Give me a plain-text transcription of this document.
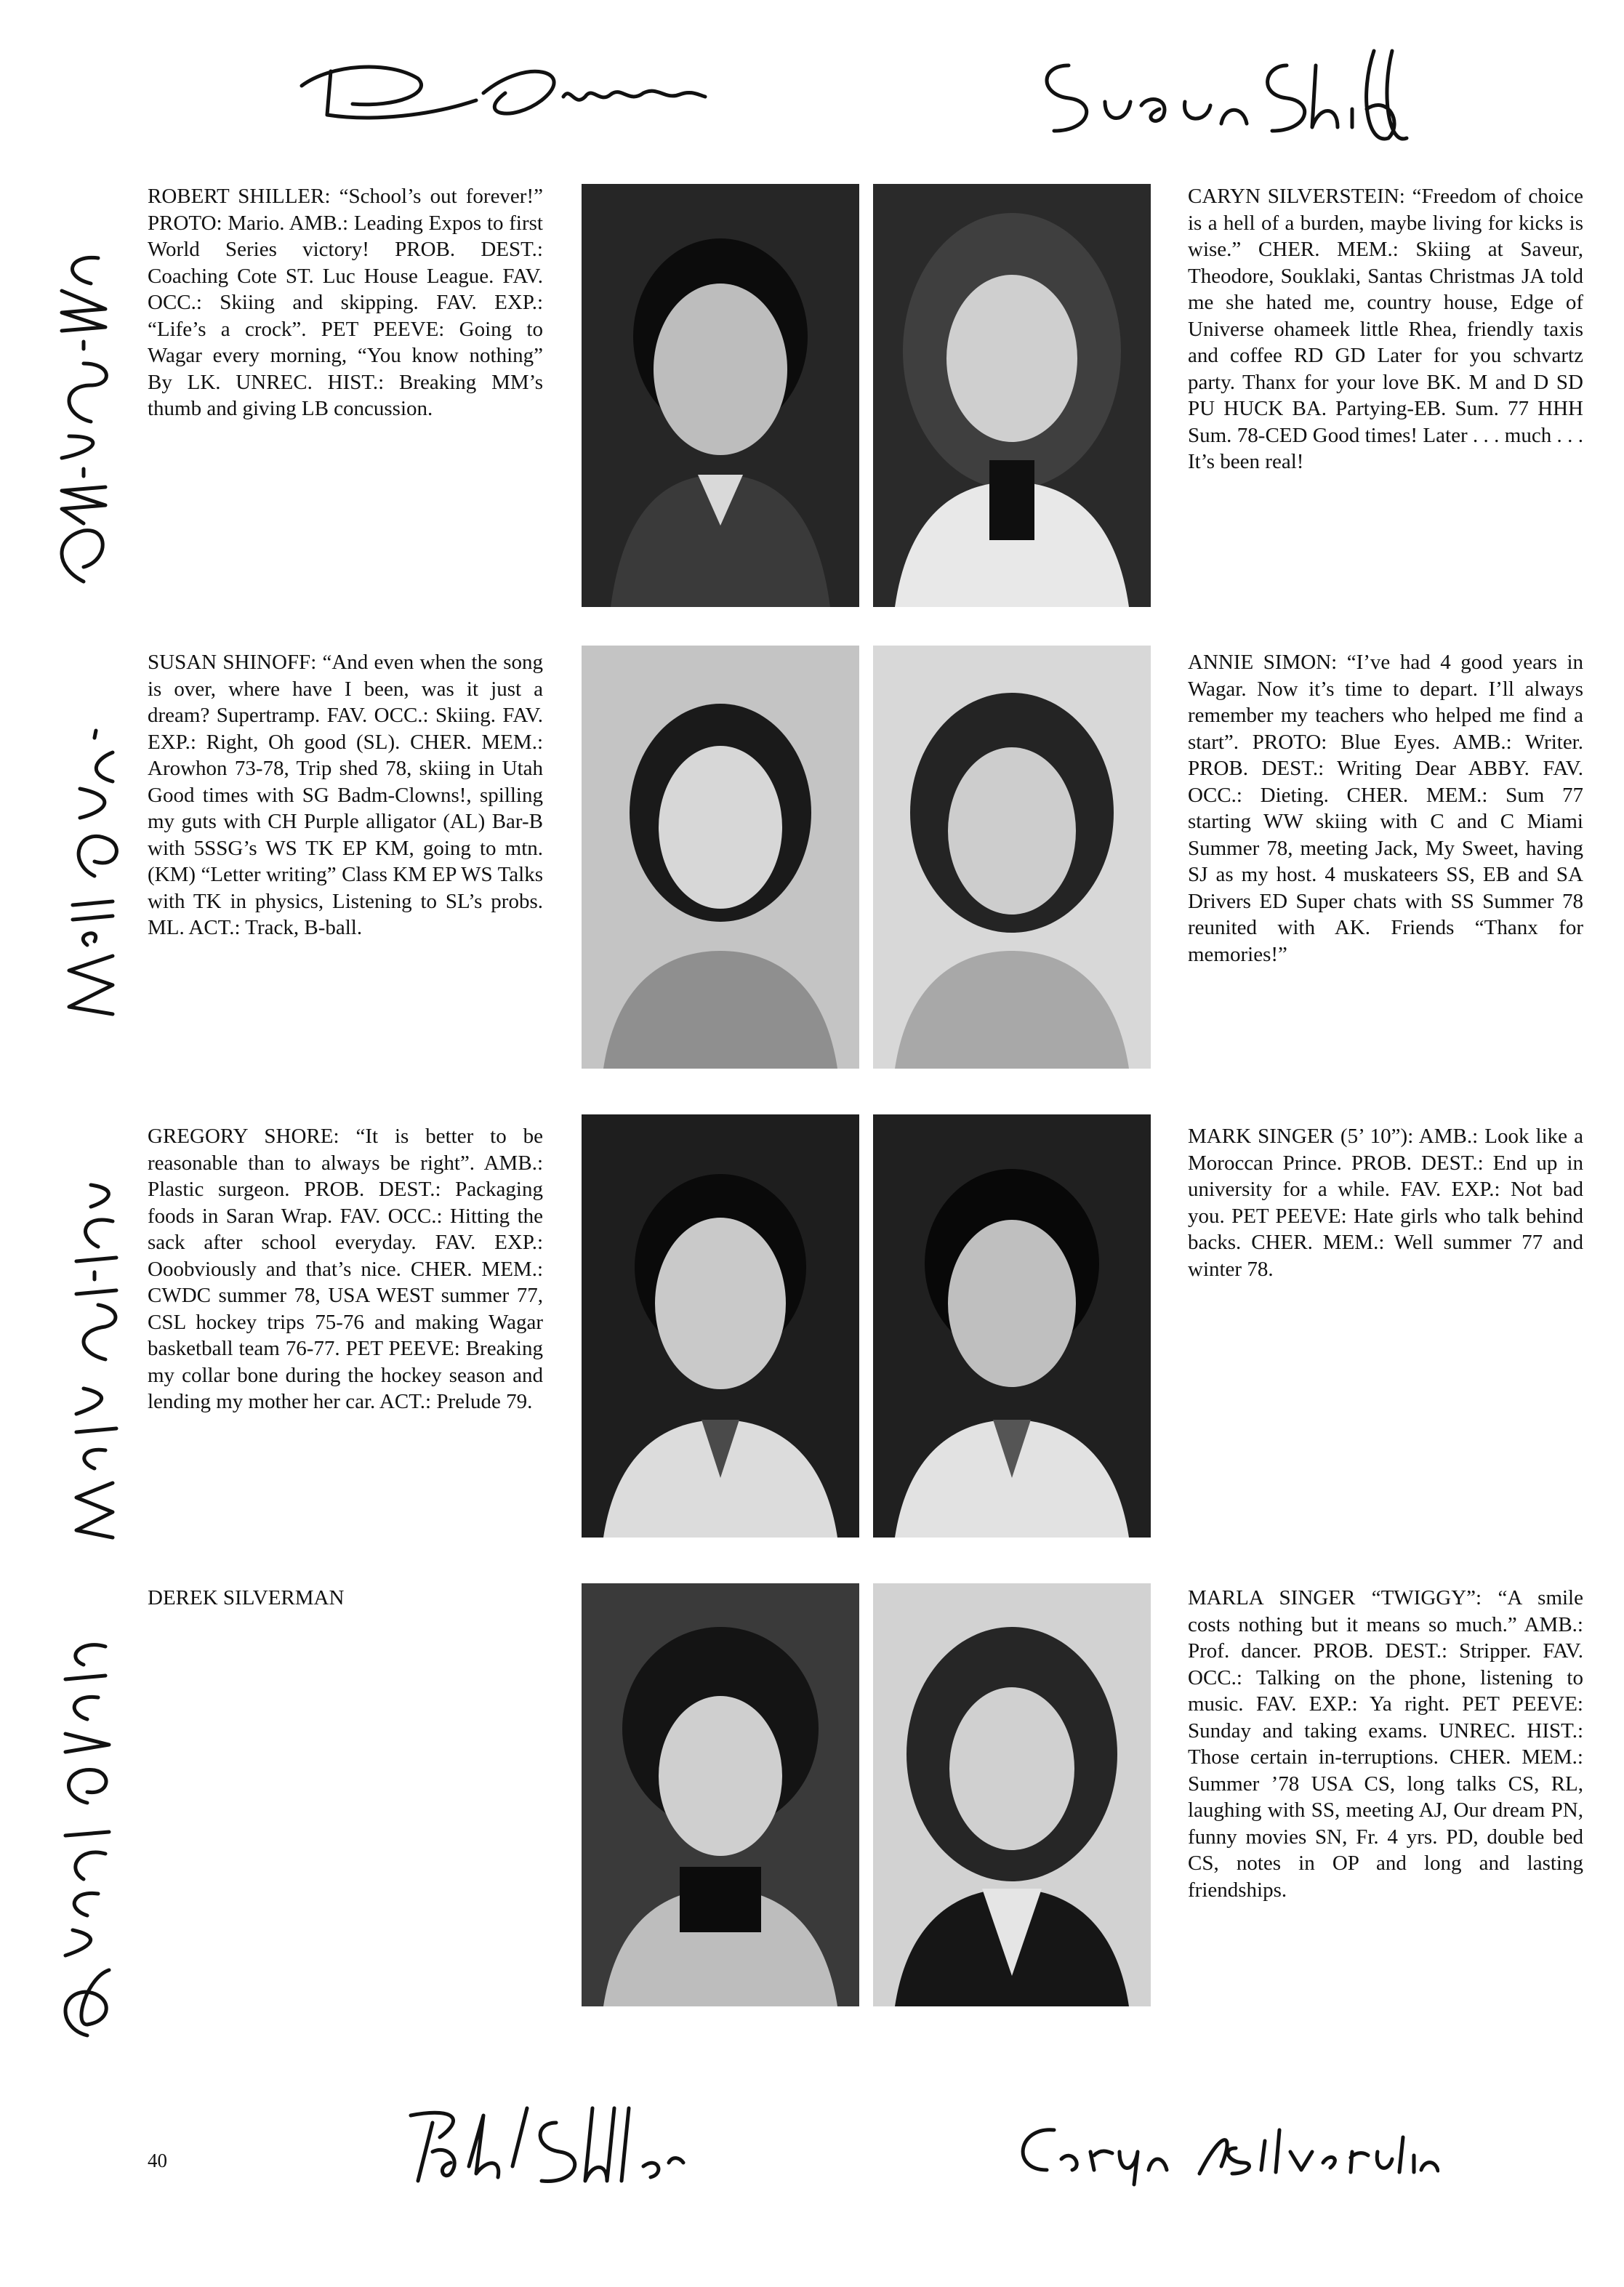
ROBERT SHILLER: “School’s out forever!” PROTO: Mario. AMB.: Leading Expos to first World Series victory! PROB. DEST.: Coaching Cote ST. Luc House League. FAV. OCC.: Skiing and skipping. FAV. EXP.: “Life’s a crock”. PET PEEVE: Going to Wagar every morning, “You know nothing” By LK. UNREC. HIST.: Breaking MM’s thumb and giving LB concussion.

CARYN SILVERSTEIN: “Freedom of choice is a hell of a burden, maybe living for kicks is wise.” CHER. MEM.: Skiing at Saveur, Theodore, Souklaki, Santas Christmas JA told me she hated me, country house, Edge of Universe ohameek little Rhea, friendly taxis and coffee RD GD Later for you schvartz party. Thanx for your love BK. M and D SD PU HUCK BA. Partying-EB. Sum. 77 HHH Sum. 78-CED Good times! Later . . . much . . . It’s been real!

SUSAN SHINOFF: “And even when the song is over, where have I been, was it just a dream? Supertramp. FAV. OCC.: Skiing. FAV. EXP.: Right, Oh good (SL). CHER. MEM.: Arowhon 73-78, Trip shed 78, skiing in Utah Good times with SG Badm-Clowns!, spilling my guts with CH Purple alligator (AL) Bar-B with 5SSG’s WS TK EP KM, going to mtn. (KM) “Letter writing” Class KM EP WS Talks with TK in physics, Listening to SL’s probs. ML. ACT.: Track, B-ball.

ANNIE SIMON: “I’ve had 4 good years in Wagar. Now it’s time to depart. I’ll always remember my teachers who helped me find a start”. PROTO: Blue Eyes. AMB.: Writer. PROB. DEST.: Writing Dear ABBY. FAV. OCC.: Dieting. CHER. MEM.: Sum 77 starting WW skiing with C and C Miami Summer 78, meeting Jack, My Sweet, having SJ as my host. 4 muskateers SS, EB and SA Drivers ED Super chats with SS Summer 78 reunited with AK. Friends “Thanx for memories!”

GREGORY SHORE: “It is better to be reasonable than to always be right”. AMB.: Plastic surgeon. PROB. DEST.: Packaging foods in Saran Wrap. FAV. OCC.: Hitting the sack after school everyday. FAV. EXP.: Ooobviously and that’s nice. CHER. MEM.: CWDC summer 78, USA WEST summer 77, CSL hockey trips 75-76 and making Wagar basketball team 76-77. PET PEEVE: Breaking my collar bone during the hockey season and lending my mother her car. ACT.: Prelude 79.

MARK SINGER (5’ 10”): AMB.: Look like a Moroccan Prince. PROB. DEST.: End up in university for a while. FAV. EXP.: Not bad you. PET PEEVE: Hate girls who talk behind backs. CHER. MEM.: Well summer 77 and winter 78.

DEREK SILVERMAN	MARLA SINGER “TWIGGY”: “A smile costs nothing but it means so much.” AMB.: Prof. dancer. PROB. DEST.: Stripper. FAV. OCC.: Talking on the phone, listening to music. FAV. EXP.: Ya right. PET PEEVE: Sunday and taking exams. UNREC. HIST.: Those certain in-terruptions. CHER. MEM.: Summer ’78 USA CS, long talks CS, RL, laughing with SS, meeting AJ, Our dream PN, funny movies SN, Fr. 4 yrs. PD, double bed CS, notes in OP and long and lasting friendships.

40
